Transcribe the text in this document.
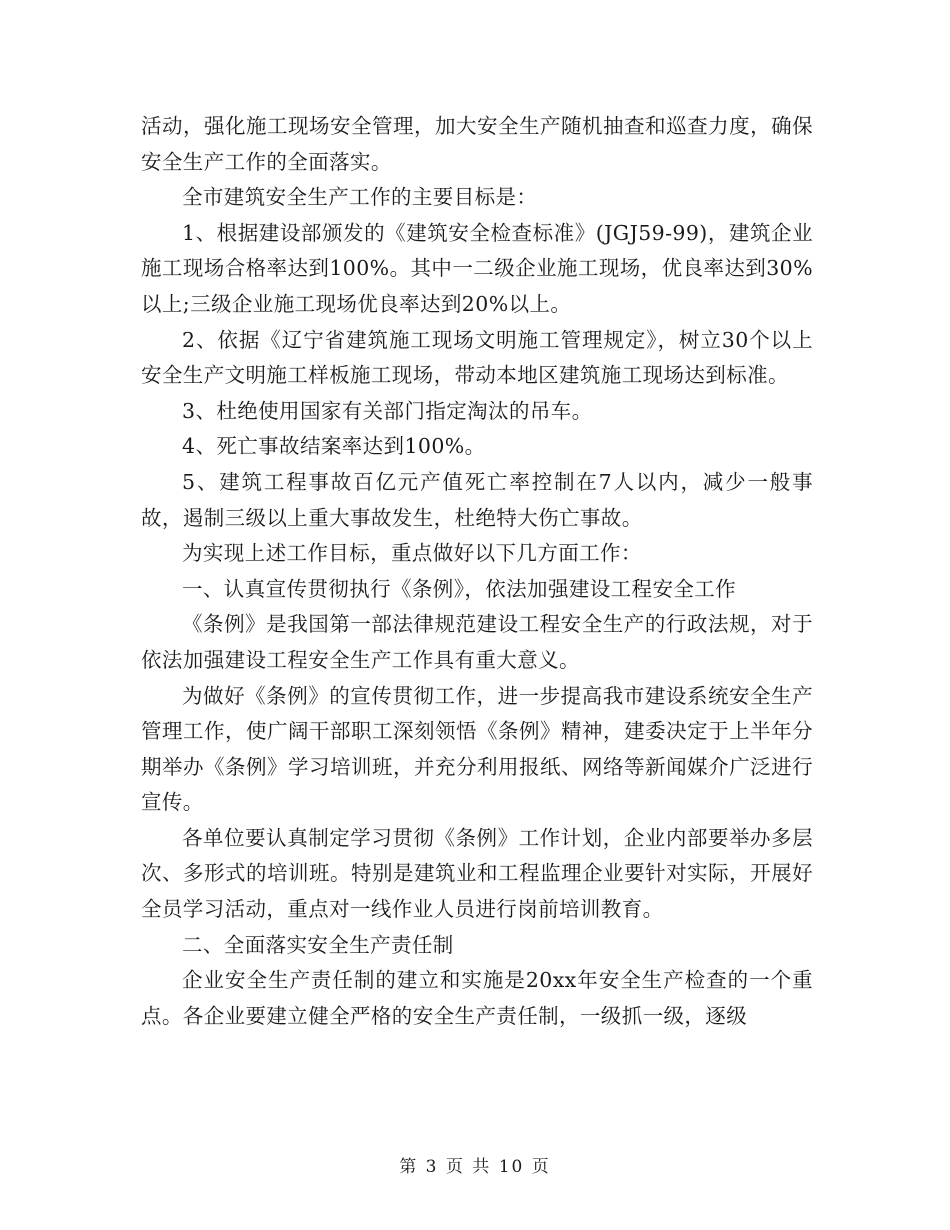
活动，强化施工现场安全管理，加大安全生产随机抽查和巡查力度，确保安全生产工作的全面落实。

全市建筑安全生产工作的主要目标是：

1、根据建设部颁发的《建筑安全检查标准》(JGJ59-99)，建筑企业施工现场合格率达到100%。其中一二级企业施工现场，优良率达到30%以上;三级企业施工现场优良率达到20%以上。

2、依据《辽宁省建筑施工现场文明施工管理规定》，树立30个以上安全生产文明施工样板施工现场，带动本地区建筑施工现场达到标准。

3、杜绝使用国家有关部门指定淘汰的吊车。

4、死亡事故结案率达到100%。

5、建筑工程事故百亿元产值死亡率控制在7人以内，减少一般事故，遏制三级以上重大事故发生，杜绝特大伤亡事故。

为实现上述工作目标，重点做好以下几方面工作：

一、认真宣传贯彻执行《条例》，依法加强建设工程安全工作

《条例》是我国第一部法律规范建设工程安全生产的行政法规，对于依法加强建设工程安全生产工作具有重大意义。

为做好《条例》的宣传贯彻工作，进一步提高我市建设系统安全生产管理工作，使广阔干部职工深刻领悟《条例》精神，建委决定于上半年分期举办《条例》学习培训班，并充分利用报纸、网络等新闻媒介广泛进行宣传。

各单位要认真制定学习贯彻《条例》工作计划，企业内部要举办多层次、多形式的培训班。特别是建筑业和工程监理企业要针对实际，开展好全员学习活动，重点对一线作业人员进行岗前培训教育。

二、全面落实安全生产责任制

企业安全生产责任制的建立和实施是20xx年安全生产检查的一个重点。各企业要建立健全严格的安全生产责任制，一级抓一级，逐级

第 3 页 共 10 页
